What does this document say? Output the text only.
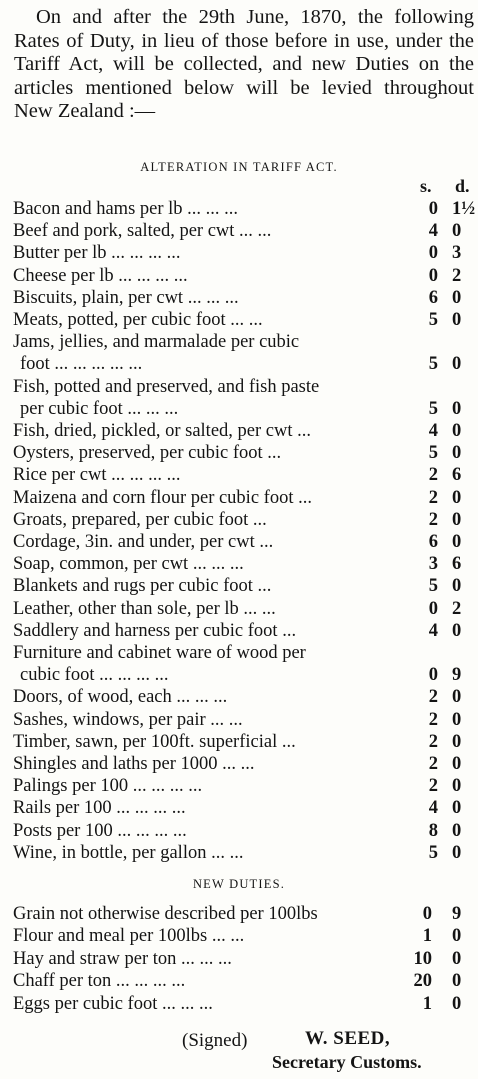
On and after the 29th June, 1870, the following Rates of Duty, in lieu of those before in use, under the Tariff Act, will be collected, and new Duties on the articles mentioned below will be levied throughout New Zealand :—

ALTERATION IN TARIFF ACT.
s. d.
Bacon and hams per lb ... ... ...	0 1½
Beef and pork, salted, per cwt ... ...	4 0
Butter per lb ... ... ... ...	0 3
Cheese per lb ... ... ... ...	0 2
Biscuits, plain, per cwt ... ... ...	6 0
Meats, potted, per cubic foot ... ...	5 0
Jams, jellies, and marmalade per cubic
foot ... ... ... ... ...	5 0
Fish, potted and preserved, and fish paste
per cubic foot ... ... ...	5 0
Fish, dried, pickled, or salted, per cwt ...	4 0
Oysters, preserved, per cubic foot ...	5 0
Rice per cwt ... ... ... ...	2 6
Maizena and corn flour per cubic foot ...	2 0
Groats, prepared, per cubic foot ...	2 0
Cordage, 3in. and under, per cwt ...	6 0
Soap, common, per cwt ... ... ...	3 6
Blankets and rugs per cubic foot ...	5 0
Leather, other than sole, per lb ... ...	0 2
Saddlery and harness per cubic foot ...	4 0
Furniture and cabinet ware of wood per
cubic foot ... ... ... ...	0 9
Doors, of wood, each ... ... ...	2 0
Sashes, windows, per pair ... ...	2 0
Timber, sawn, per 100ft. superficial ...	2 0
Shingles and laths per 1000 ... ...	2 0
Palings per 100 ... ... ... ...	2 0
Rails per 100 ... ... ... ...	4 0
Posts per 100 ... ... ... ...	8 0
Wine, in bottle, per gallon ... ...	5 0
NEW DUTIES.
Grain not otherwise described per 100lbs	0 9
Flour and meal per 100lbs ... ...	1 0
Hay and straw per ton ... ... ...	10 0
Chaff per ton ... ... ... ...	20 0
Eggs per cubic foot ... ... ...	1 0
(Signed)	W. SEED,
Secretary Customs.
